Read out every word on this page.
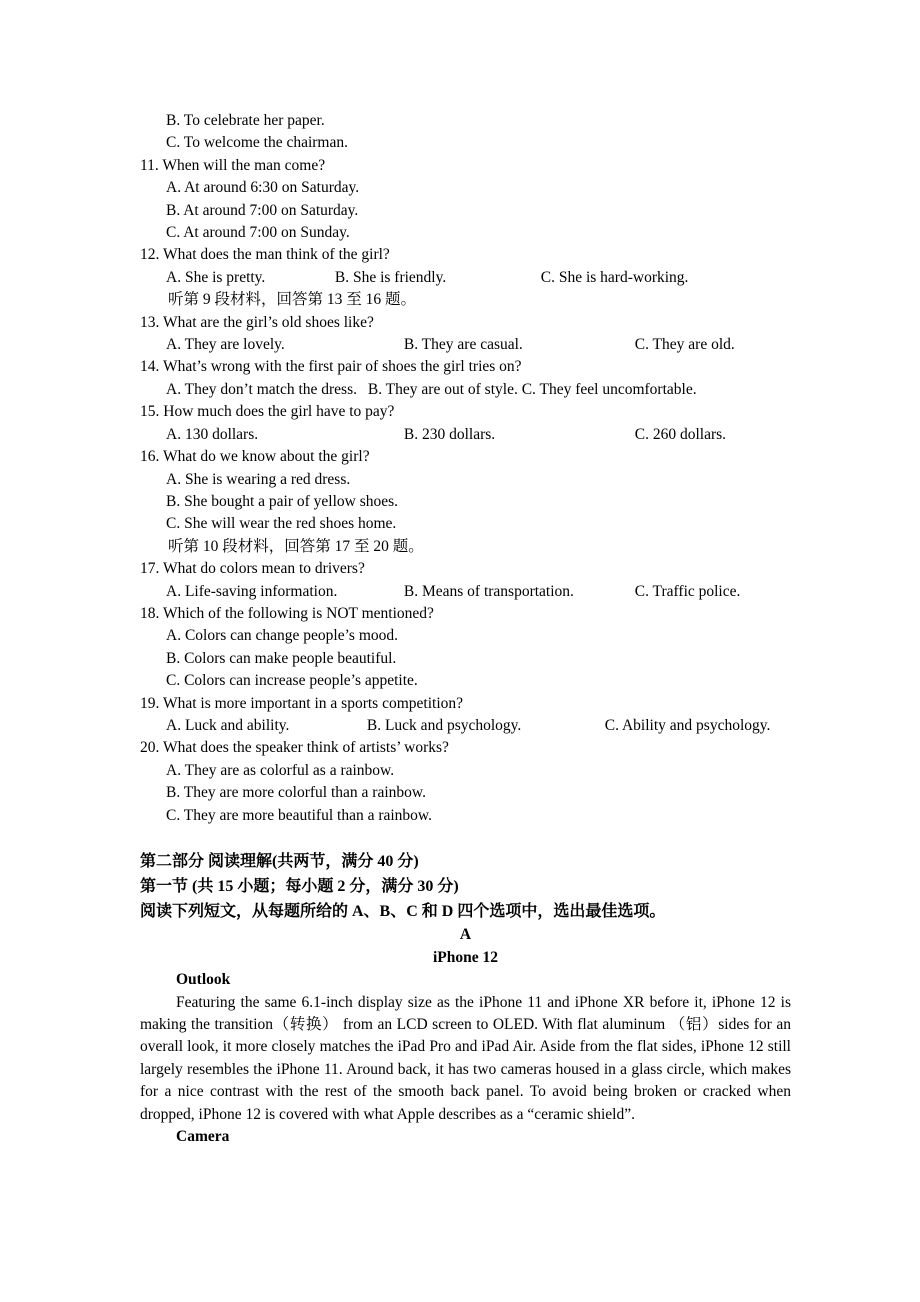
B. To celebrate her paper.
C. To welcome the chairman.
11. When will the man come?
A. At around 6:30 on Saturday.
B. At around 7:00 on Saturday.
C. At around 7:00 on Sunday.
12. What does the man think of the girl?
A. She is pretty.	B. She is friendly.	C. She is hard-working.
听第 9 段材料，回答第 13 至 16 题。
13. What are the girl’s old shoes like?
A. They are lovely.	B. They are casual.	C. They are old.
14. What’s wrong with the first pair of shoes the girl tries on?
A. They don’t match the dress. B. They are out of style. C. They feel uncomfortable.
15. How much does the girl have to pay?
A. 130 dollars.	B. 230 dollars.	C. 260 dollars.
16. What do we know about the girl?
A. She is wearing a red dress.
B. She bought a pair of yellow shoes.
C. She will wear the red shoes home.
听第 10 段材料，回答第 17 至 20 题。
17. What do colors mean to drivers?
A. Life-saving information.	B. Means of transportation.	C. Traffic police.
18. Which of the following is NOT mentioned?
A. Colors can change people’s mood.
B. Colors can make people beautiful.
C. Colors can increase people’s appetite.
19. What is more important in a sports competition?
A. Luck and ability.	B. Luck and psychology.	C. Ability and psychology.
20. What does the speaker think of artists’ works?
A. They are as colorful as a rainbow.
B. They are more colorful than a rainbow.
C. They are more beautiful than a rainbow.
第二部分 阅读理解(共两节，满分 40 分)
第一节 (共 15 小题；每小题 2 分，满分 30 分)
阅读下列短文，从每题所给的 A、B、C 和 D 四个选项中，选出最佳选项。
A
iPhone 12
Outlook
Featuring the same 6.1-inch display size as the iPhone 11 and iPhone XR before it, iPhone 12 is making the transition（转换） from an LCD screen to OLED. With flat aluminum （铝）sides for an overall look, it more closely matches the iPad Pro and iPad Air. Aside from the flat sides, iPhone 12 still largely resembles the iPhone 11. Around back, it has two cameras housed in a glass circle, which makes for a nice contrast with the rest of the smooth back panel. To avoid being broken or cracked when dropped, iPhone 12 is covered with what Apple describes as a “ceramic shield”.
Camera
